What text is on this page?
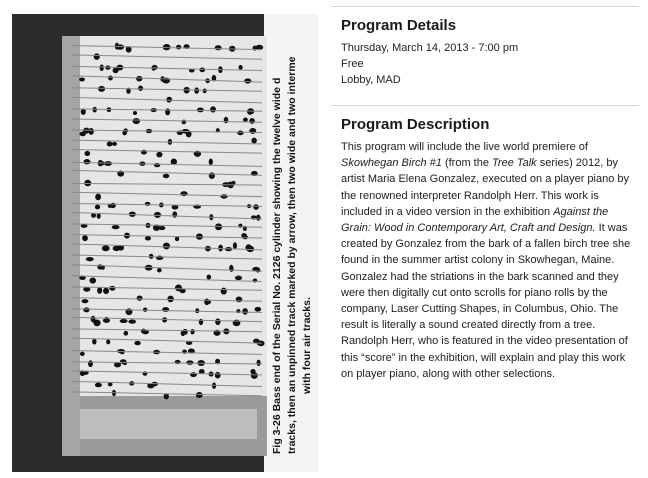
Fig 3-26 Bass end of the Serial No. 2126 cylinder showing the twelve wide d tracks, then an unpinned track marked by arrow, then two wide and two interme with four air tracks.
Program Details
Thursday, March 14, 2013 - 7:00 pm
Free
Lobby, MAD
Program Description

This program will include the live world premiere of Skowhegan Birch #1 (from the Tree Talk series) 2012, by artist Maria Elena Gonzalez, executed on a player piano by the renowned interpreter Randolph Herr. This work is included in a video version in the exhibition Against the Grain: Wood in Contemporary Art, Craft and Design. It was created by Gonzalez from the bark of a fallen birch tree she found in the summer artist colony in Skowhegan, Maine. Gonzalez had the striations in the bark scanned and they were then digitally cut onto scrolls for piano rolls by the company, Laser Cutting Shapes, in Columbus, Ohio. The result is literally a sound created directly from a tree. Randolph Herr, who is featured in the video presentation of this “score” in the exhibition, will explain and play this work on player piano, along with other selections.
